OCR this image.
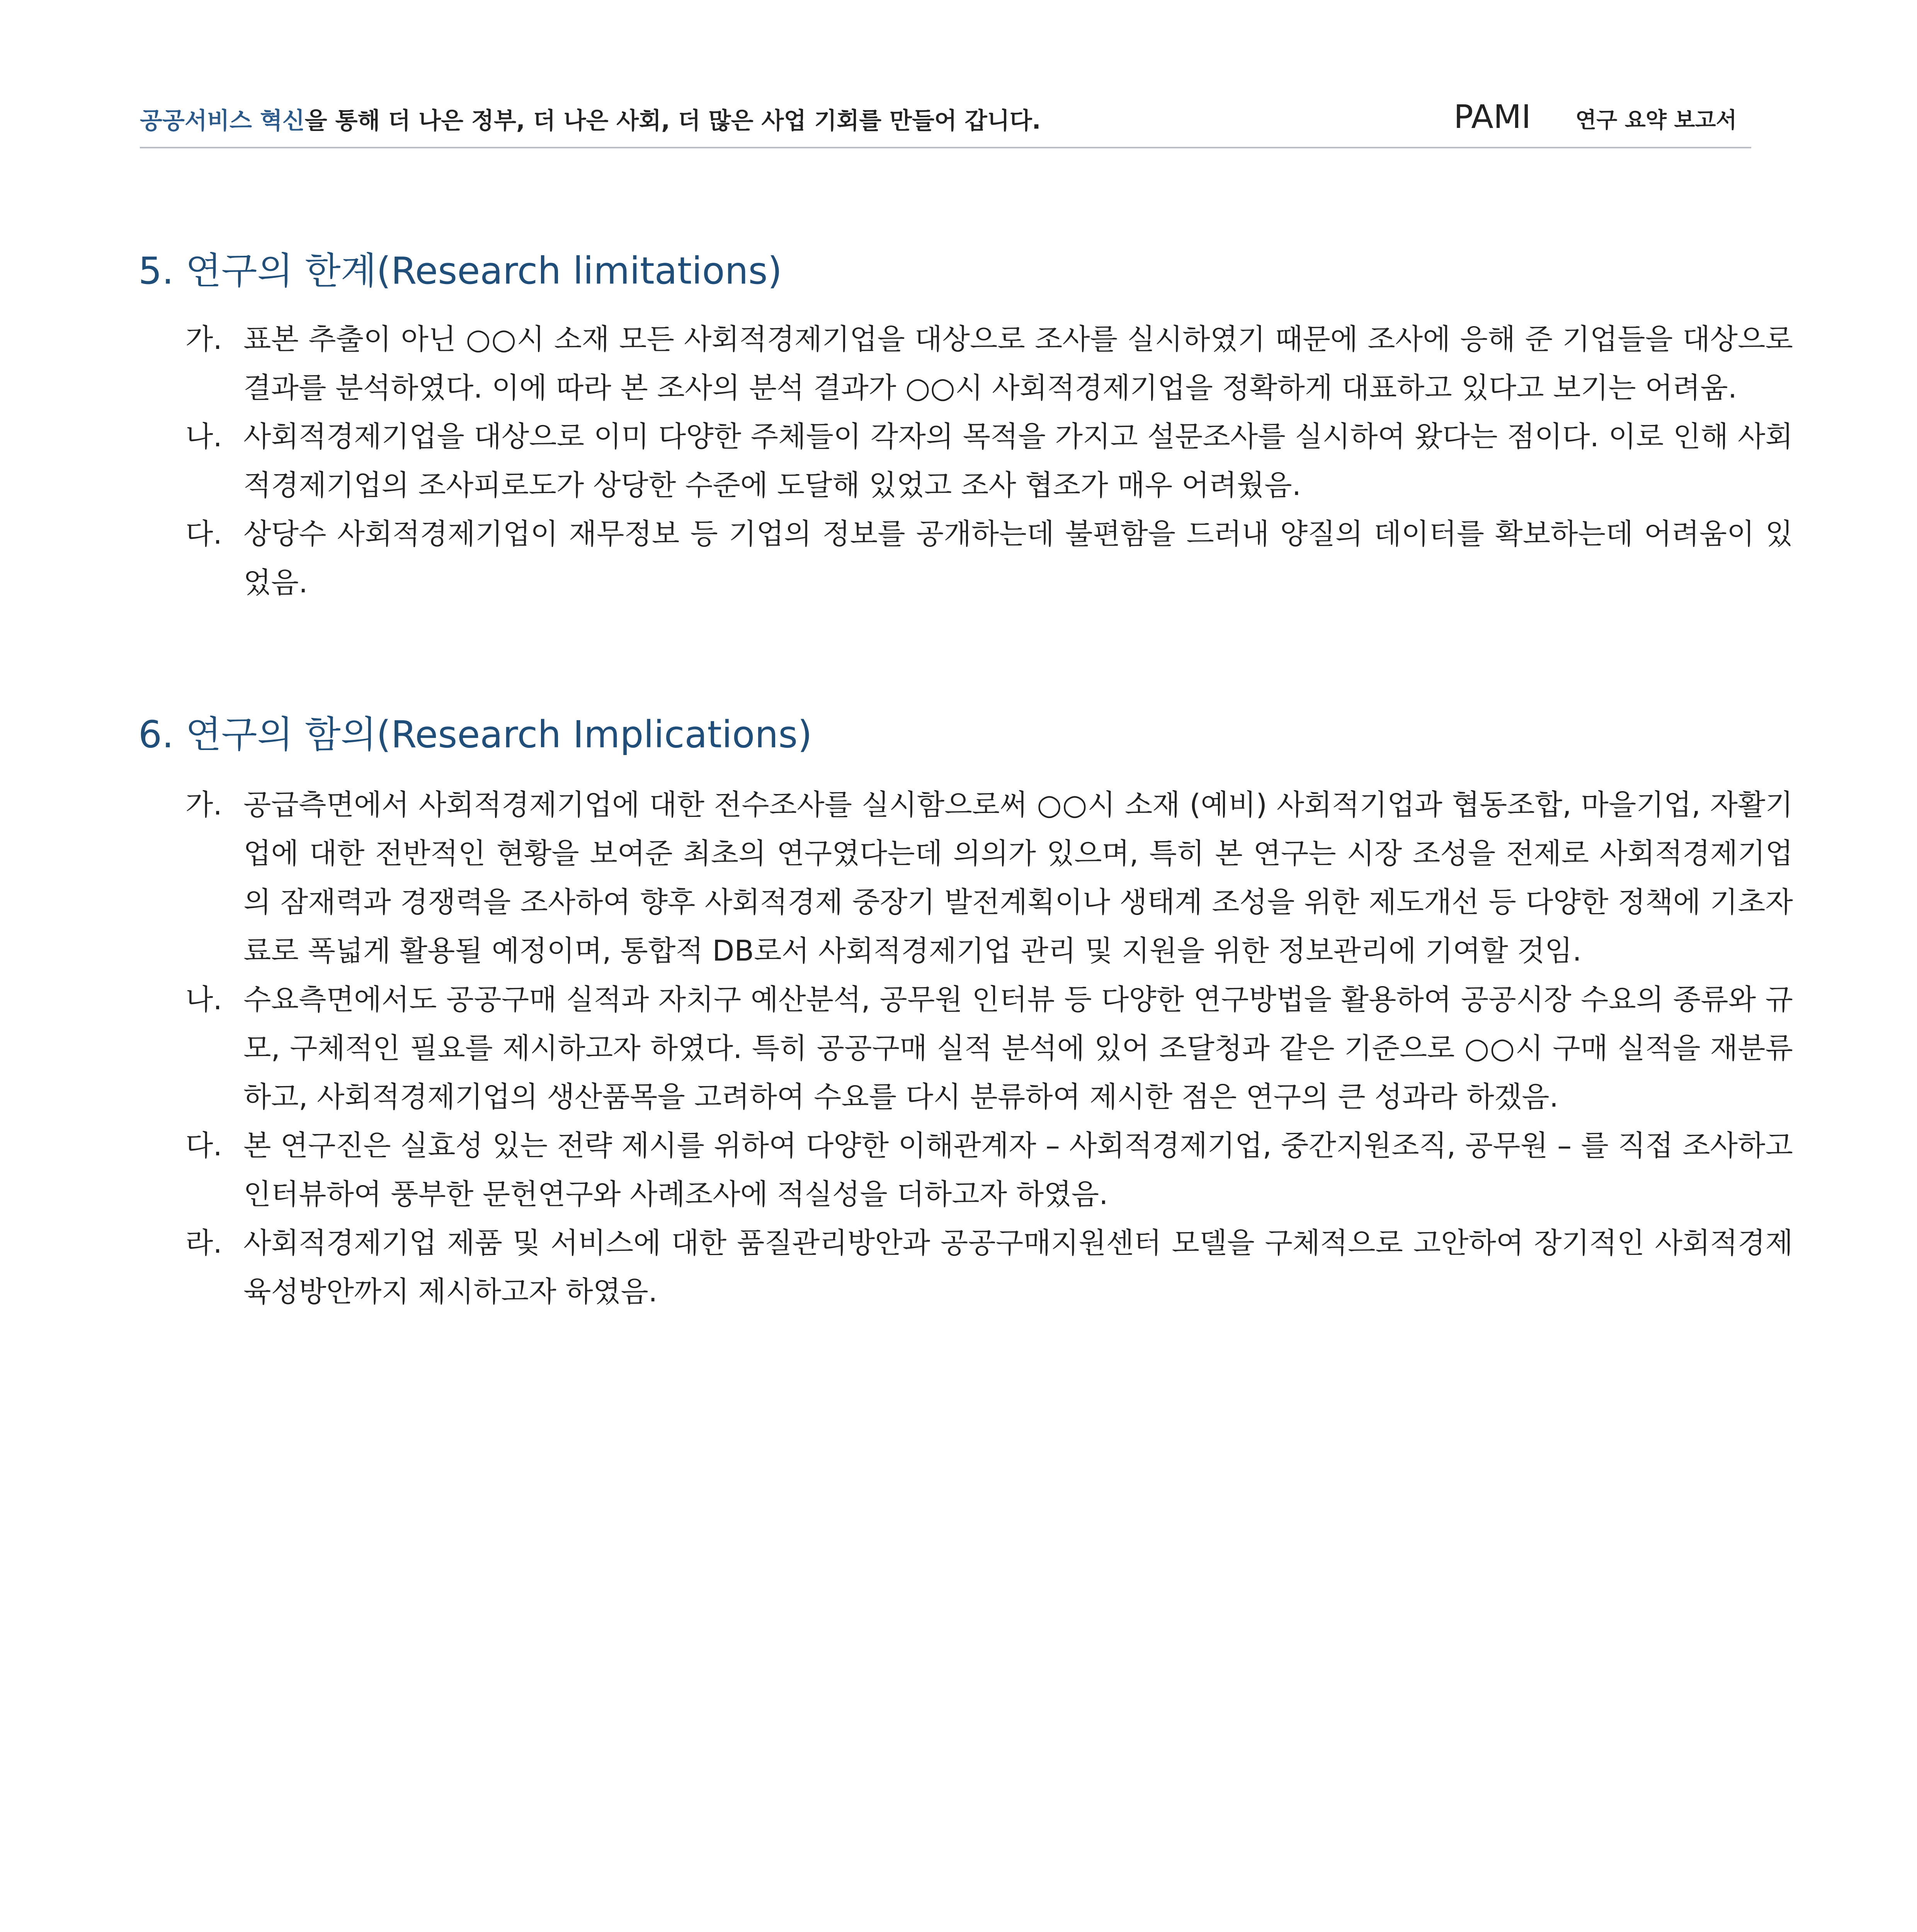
공공서비스 혁신을 통해 더 나은 정부, 더 나은 사회, 더 많은 사업 기회를 만들어 갑니다.	PAMI 연구 요약 보고서
5. 연구의 한계(Research limitations)
가. 표본 추출이 아닌 ○○시 소재 모든 사회적경제기업을 대상으로 조사를 실시하였기 때문에 조사에 응해 준 기업들을 대상으로 결과를 분석하였다. 이에 따라 본 조사의 분석 결과가 ○○시 사회적경제기업을 정확하게 대표하고 있다고 보기는 어려움.
나. 사회적경제기업을 대상으로 이미 다양한 주체들이 각자의 목적을 가지고 설문조사를 실시하여 왔다는 점이다. 이로 인해 사회적경제기업의 조사피로도가 상당한 수준에 도달해 있었고 조사 협조가 매우 어려웠음.
다. 상당수 사회적경제기업이 재무정보 등 기업의 정보를 공개하는데 불편함을 드러내 양질의 데이터를 확보하는데 어려움이 있었음.
6. 연구의 함의(Research Implications)
가. 공급측면에서 사회적경제기업에 대한 전수조사를 실시함으로써 ○○시 소재 (예비) 사회적기업과 협동조합, 마을기업, 자활기업에 대한 전반적인 현황을 보여준 최초의 연구였다는데 의의가 있으며, 특히 본 연구는 시장 조성을 전제로 사회적경제기업의 잠재력과 경쟁력을 조사하여 향후 사회적경제 중장기 발전계획이나 생태계 조성을 위한 제도개선 등 다양한 정책에 기초자료로 폭넓게 활용될 예정이며, 통합적 DB로서 사회적경제기업 관리 및 지원을 위한 정보관리에 기여할 것임.
나. 수요측면에서도 공공구매 실적과 자치구 예산분석, 공무원 인터뷰 등 다양한 연구방법을 활용하여 공공시장 수요의 종류와 규모, 구체적인 필요를 제시하고자 하였다. 특히 공공구매 실적 분석에 있어 조달청과 같은 기준으로 ○○시 구매 실적을 재분류하고, 사회적경제기업의 생산품목을 고려하여 수요를 다시 분류하여 제시한 점은 연구의 큰 성과라 하겠음.
다. 본 연구진은 실효성 있는 전략 제시를 위하여 다양한 이해관계자 – 사회적경제기업, 중간지원조직, 공무원 – 를 직접 조사하고 인터뷰하여 풍부한 문헌연구와 사례조사에 적실성을 더하고자 하였음.
라. 사회적경제기업 제품 및 서비스에 대한 품질관리방안과 공공구매지원센터 모델을 구체적으로 고안하여 장기적인 사회적경제 육성방안까지 제시하고자 하였음.
